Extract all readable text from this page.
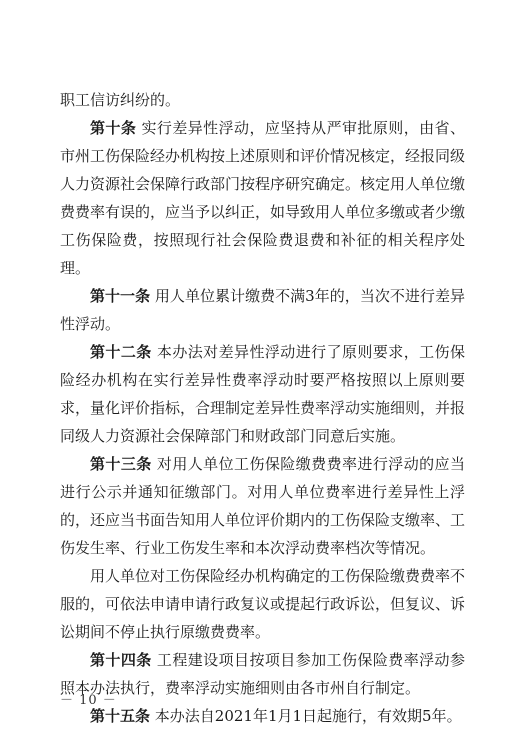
职工信访纠纷的。

第十条 实行差异性浮动，应坚持从严审批原则，由省、市州工伤保险经办机构按上述原则和评价情况核定，经报同级人力资源社会保障行政部门按程序研究确定。核定用人单位缴费费率有误的，应当予以纠正，如导致用人单位多缴或者少缴工伤保险费，按照现行社会保险费退费和补征的相关程序处理。

第十一条 用人单位累计缴费不满3年的，当次不进行差异性浮动。

第十二条 本办法对差异性浮动进行了原则要求，工伤保险经办机构在实行差异性费率浮动时要严格按照以上原则要求，量化评价指标，合理制定差异性费率浮动实施细则，并报同级人力资源社会保障部门和财政部门同意后实施。

第十三条 对用人单位工伤保险缴费费率进行浮动的应当进行公示并通知征缴部门。对用人单位费率进行差异性上浮的，还应当书面告知用人单位评价期内的工伤保险支缴率、工伤发生率、行业工伤发生率和本次浮动费率档次等情况。

用人单位对工伤保险经办机构确定的工伤保险缴费费率不服的，可依法申请申请行政复议或提起行政诉讼，但复议、诉讼期间不停止执行原缴费费率。

第十四条 工程建设项目按项目参加工伤保险费率浮动参照本办法执行，费率浮动实施细则由各市州自行制定。

第十五条 本办法自2021年1月1日起施行，有效期5年。

－ 10 －
